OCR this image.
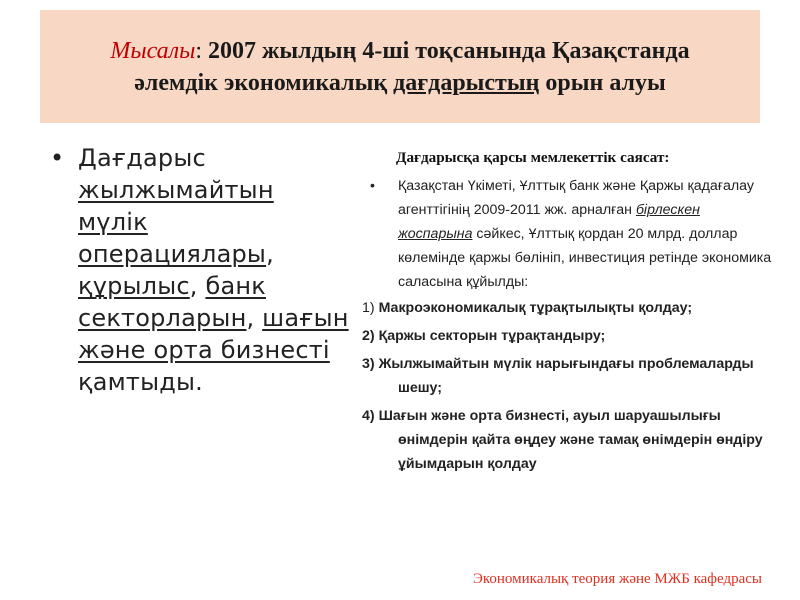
Мысалы: 2007 жылдың 4-ші тоқсанында Қазақстанда
әлемдік экономикалық дағдарыстың орын алуы
• Дағдарыс жылжымайтын мүлік операциялары, құрылыс, банк секторларын, шағын және орта бизнесті қамтыды.
Дағдарысқа қарсы мемлекеттік саясат:
• Қазақстан Үкіметі, Ұлттық банк және Қаржы қадағалау агенттігінің 2009-2011 жж. арналған бірлескен жоспарына сәйкес, Ұлттық қордан 20 млрд. доллар көлемінде қаржы бөлініп, инвестиция ретінде экономика саласына құйылды:
1) Макроэкономикалық тұрақтылықты қолдау;
2) Қаржы секторын тұрақтандыру;
3) Жылжымайтын мүлік нарығындағы проблемаларды шешу;
4) Шағын және орта бизнесті, ауыл шаруашылығы өнімдерін қайта өңдеу және тамақ өнімдерін өндіру ұйымдарын қолдау
Экономикалық теория және МЖБ кафедрасы
